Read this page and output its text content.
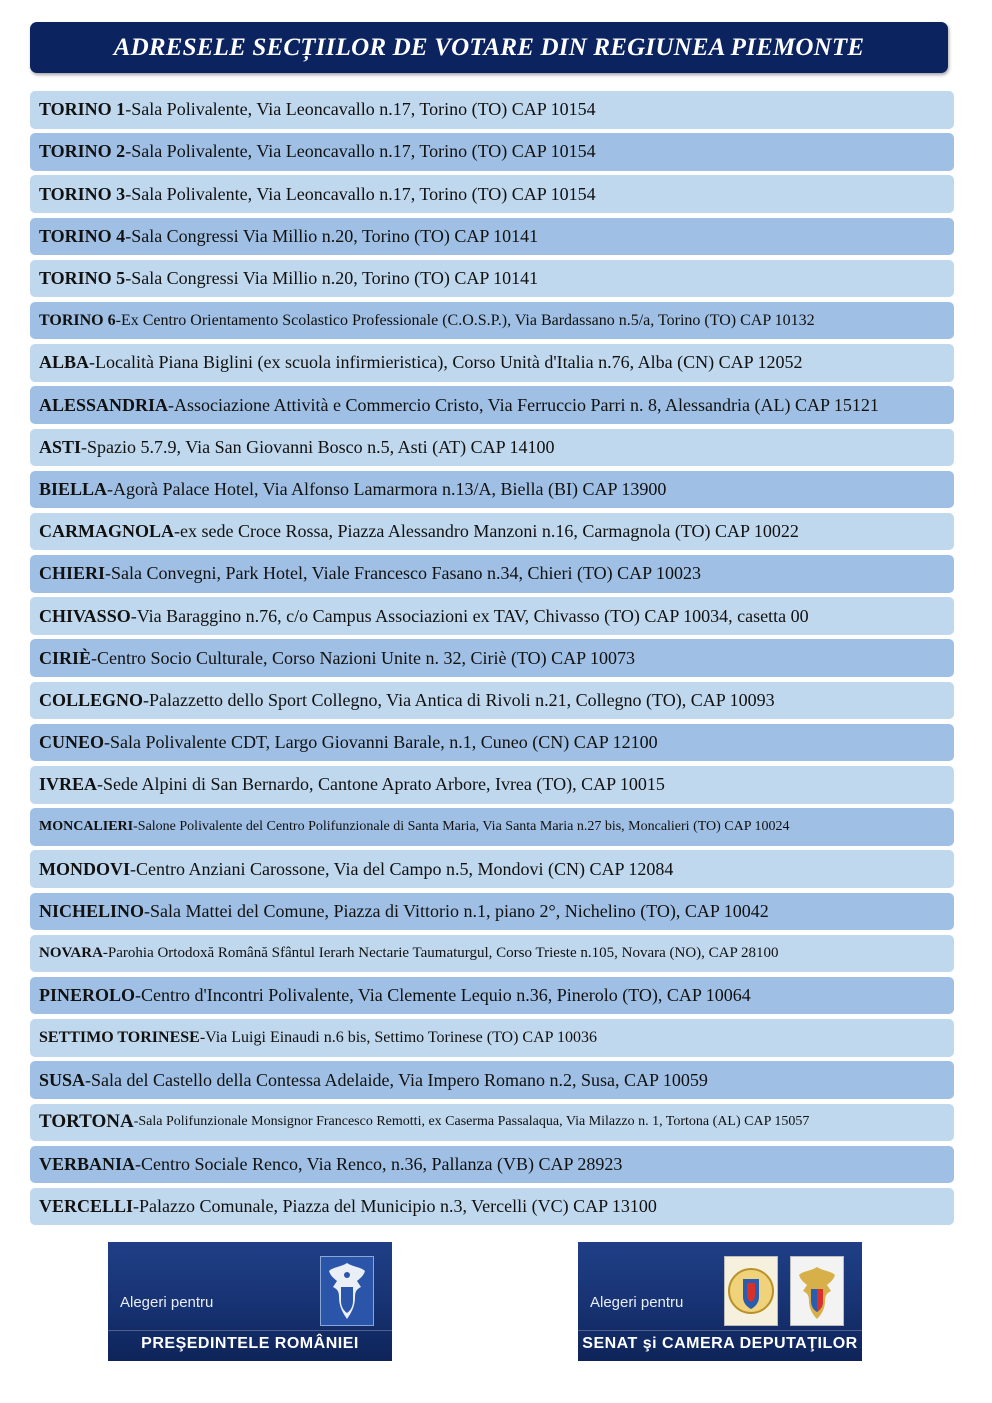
ADRESELE SECȚIILOR DE VOTARE DIN REGIUNEA PIEMONTE
TORINO 1 - Sala Polivalente, Via Leoncavallo n.17, Torino (TO) CAP 10154
TORINO 2 - Sala Polivalente, Via Leoncavallo n.17, Torino (TO) CAP 10154
TORINO 3 - Sala Polivalente, Via Leoncavallo n.17, Torino (TO) CAP 10154
TORINO 4 - Sala Congressi Via Millio n.20, Torino (TO) CAP 10141
TORINO 5 - Sala Congressi Via Millio n.20, Torino (TO) CAP 10141
TORINO 6 - Ex Centro Orientamento Scolastico Professionale (C.O.S.P.), Via Bardassano n.5/a, Torino (TO) CAP 10132
ALBA - Località Piana Biglini (ex scuola infirmieristica), Corso Unità d'Italia n.76, Alba (CN) CAP 12052
ALESSANDRIA - Associazione Attività e Commercio Cristo, Via Ferruccio Parri n. 8, Alessandria (AL) CAP 15121
ASTI - Spazio 5.7.9, Via San Giovanni Bosco n.5, Asti (AT) CAP 14100
BIELLA - Agorà Palace Hotel, Via Alfonso Lamarmora n.13/A, Biella (BI) CAP 13900
CARMAGNOLA - ex sede Croce Rossa, Piazza Alessandro Manzoni n.16, Carmagnola (TO) CAP 10022
CHIERI - Sala Convegni, Park Hotel, Viale Francesco Fasano n.34, Chieri (TO) CAP 10023
CHIVASSO - Via Baraggino n.76, c/o Campus Associazioni ex TAV, Chivasso (TO) CAP 10034, casetta 00
CIRIÈ - Centro Socio Culturale, Corso Nazioni Unite n. 32, Ciriè (TO) CAP 10073
COLLEGNO - Palazzetto dello Sport Collegno, Via Antica di Rivoli n.21, Collegno (TO), CAP 10093
CUNEO - Sala Polivalente CDT, Largo Giovanni Barale, n.1, Cuneo (CN) CAP 12100
IVREA - Sede Alpini di San Bernardo, Cantone Aprato Arbore, Ivrea (TO), CAP 10015
MONCALIERI - Salone Polivalente del Centro Polifunzionale di Santa Maria, Via Santa Maria n.27 bis, Moncalieri (TO) CAP 10024
MONDOVI - Centro Anziani Carossone, Via del Campo n.5, Mondovi (CN) CAP 12084
NICHELINO - Sala Mattei del Comune, Piazza di Vittorio n.1, piano 2°, Nichelino (TO), CAP 10042
NOVARA - Parohia Ortodoxă Română Sfântul Ierarh Nectarie Taumaturgul, Corso Trieste n.105, Novara (NO), CAP 28100
PINEROLO - Centro d'Incontri Polivalente, Via Clemente Lequio n.36, Pinerolo (TO), CAP 10064
SETTIMO TORINESE - Via Luigi Einaudi n.6 bis, Settimo Torinese (TO) CAP 10036
SUSA - Sala del Castello della Contessa Adelaide, Via Impero Romano n.2, Susa, CAP 10059
TORTONA - Sala Polifunzionale Monsignor Francesco Remotti, ex Caserma Passalaqua, Via Milazzo n. 1, Tortona (AL) CAP 15057
VERBANIA - Centro Sociale Renco, Via Renco, n.36, Pallanza (VB) CAP 28923
VERCELLI - Palazzo Comunale, Piazza del Municipio n.3, Vercelli (VC) CAP 13100
Alegeri pentru
PREŞEDINTELE ROMÂNIEI
Alegeri pentru
SENAT şi CAMERA DEPUTAŢILOR
